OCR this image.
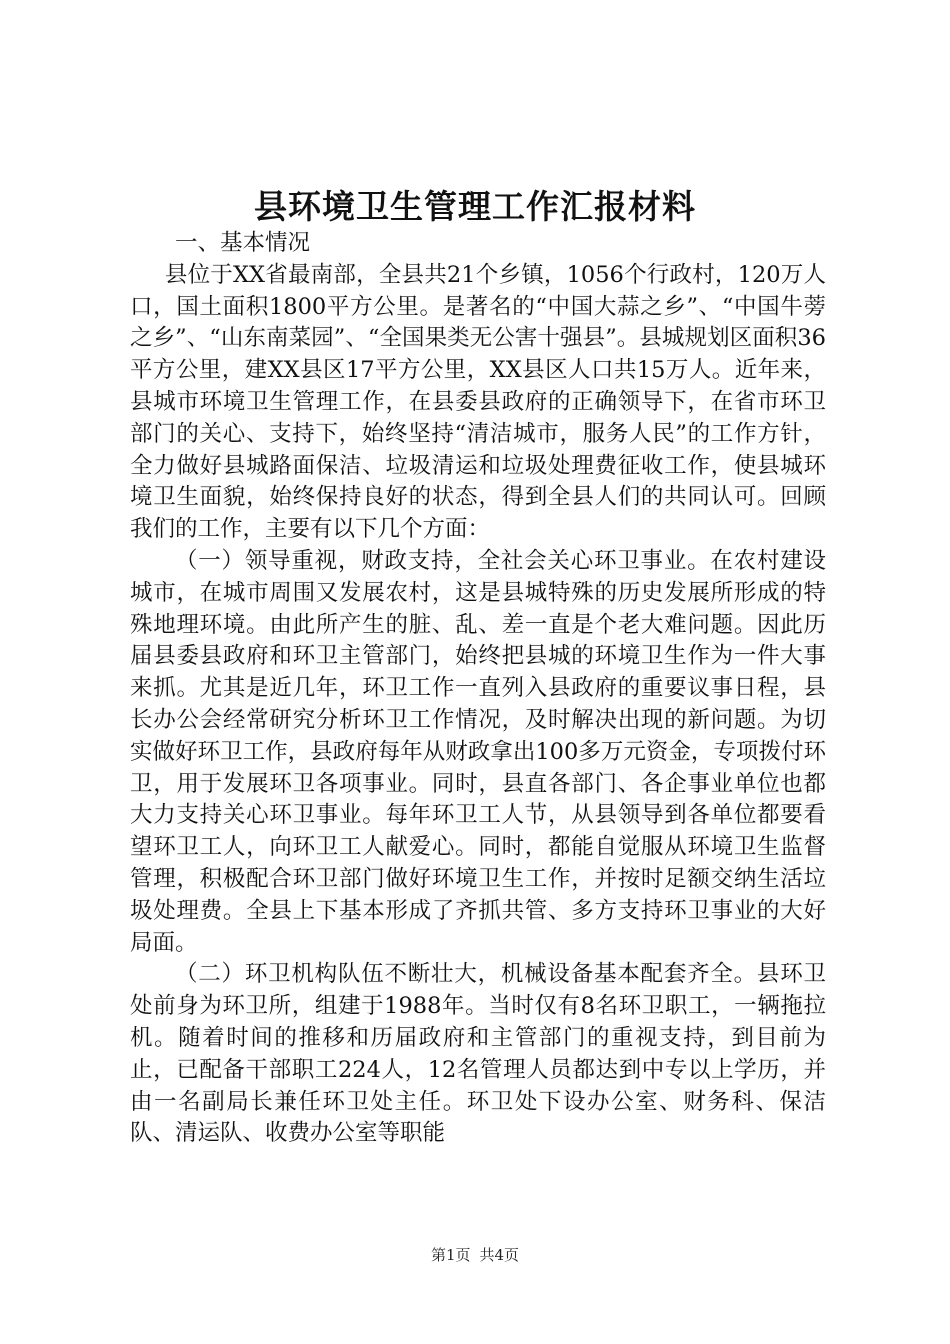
县环境卫生管理工作汇报材料

一、基本情况

县位于XX省最南部，全县共21个乡镇，1056个行政村，120万人口，国土面积1800平方公里。是著名的“中国大蒜之乡”、“中国牛蒡之乡”、“山东南菜园”、“全国果类无公害十强县”。县城规划区面积36平方公里，建XX县区17平方公里，XX县区人口共15万人。近年来，县城市环境卫生管理工作，在县委县政府的正确领导下，在省市环卫部门的关心、支持下，始终坚持“清洁城市，服务人民”的工作方针，全力做好县城路面保洁、垃圾清运和垃圾处理费征收工作，使县城环境卫生面貌，始终保持良好的状态，得到全县人们的共同认可。回顾我们的工作，主要有以下几个方面：

（一）领导重视，财政支持，全社会关心环卫事业。在农村建设城市，在城市周围又发展农村，这是县城特殊的历史发展所形成的特殊地理环境。由此所产生的脏、乱、差一直是个老大难问题。因此历届县委县政府和环卫主管部门，始终把县城的环境卫生作为一件大事来抓。尤其是近几年，环卫工作一直列入县政府的重要议事日程，县长办公会经常研究分析环卫工作情况，及时解决出现的新问题。为切实做好环卫工作，县政府每年从财政拿出100多万元资金，专项拨付环卫，用于发展环卫各项事业。同时，县直各部门、各企事业单位也都大力支持关心环卫事业。每年环卫工人节，从县领导到各单位都要看望环卫工人，向环卫工人献爱心。同时，都能自觉服从环境卫生监督管理，积极配合环卫部门做好环境卫生工作，并按时足额交纳生活垃圾处理费。全县上下基本形成了齐抓共管、多方支持环卫事业的大好局面。

（二）环卫机构队伍不断壮大，机械设备基本配套齐全。县环卫处前身为环卫所，组建于1988年。当时仅有8名环卫职工，一辆拖拉机。随着时间的推移和历届政府和主管部门的重视支持，到目前为止，已配备干部职工224人，12名管理人员都达到中专以上学历，并由一名副局长兼任环卫处主任。环卫处下设办公室、财务科、保洁队、清运队、收费办公室等职能

第1页 共4页
